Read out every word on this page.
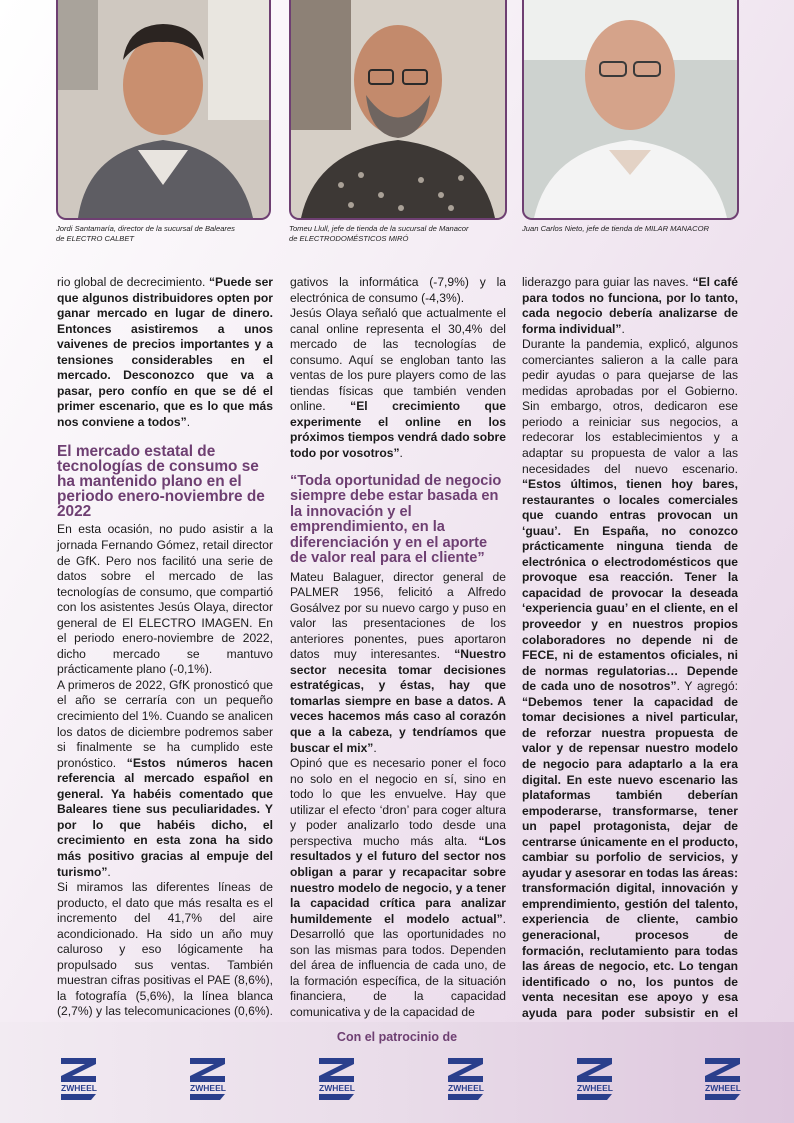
Jordi Santamaría, director de la sucursal de Baleares
de ELECTRO CALBET
Tomeu Llull, jefe de tienda de la sucursal de Manacor
de ELECTRODOMÉSTICOS MIRÓ
Juan Carlos Nieto, jefe de tienda de MILAR MANACOR

rio global de decrecimiento. “Puede ser que algunos distribuidores opten por ganar mercado en lugar de dinero. Entonces asistiremos a unos vaivenes de precios importantes y a tensiones considerables en el mercado. Desconozco que va a pasar, pero confío en que se dé el primer escenario, que es lo que más nos conviene a todos”.

El mercado estatal de tecnologías de consumo se ha mantenido plano en el periodo enero-noviembre de 2022

En esta ocasión, no pudo asistir a la jornada Fernando Gómez, retail director de GfK. Pero nos facilitó una serie de datos sobre el mercado de las tecnologías de consumo, que compartió con los asistentes Jesús Olaya, director general de El ELECTRO IMAGEN. En el periodo enero-noviembre de 2022, dicho mercado se mantuvo prácticamente plano (-0,1%).

A primeros de 2022, GfK pronosticó que el año se cerraría con un pequeño crecimiento del 1%. Cuando se analicen los datos de diciembre podremos saber si finalmente se ha cumplido este pronóstico. “Estos números hacen referencia al mercado español en general. Ya habéis comentado que Baleares tiene sus peculiaridades. Y por lo que habéis dicho, el crecimiento en esta zona ha sido más positivo gracias al empuje del turismo”.

Si miramos las diferentes líneas de producto, el dato que más resalta es el incremento del 41,7% del aire acondicionado. Ha sido un año muy caluroso y eso lógicamente ha propulsado sus ventas. También muestran cifras positivas el PAE (8,6%), la fotografía (5,6%), la línea blanca (2,7%) y las telecomunicaciones (0,6%).

gativos la informática (-7,9%) y la electrónica de consumo (-4,3%).

Jesús Olaya señaló que actualmente el canal online representa el 30,4% del mercado de las tecnologías de consumo. Aquí se engloban tanto las ventas de los pure players como de las tiendas físicas que también venden online. “El crecimiento que experimente el online en los próximos tiempos vendrá dado sobre todo por vosotros”.

“Toda oportunidad de negocio siempre debe estar basada en la innovación y el emprendimiento, en la diferenciación y en el aporte de valor real para el cliente”

Mateu Balaguer, director general de PALMER 1956, felicitó a Alfredo Gosálvez por su nuevo cargo y puso en valor las presentaciones de los anteriores ponentes, pues aportaron datos muy interesantes. “Nuestro sector necesita tomar decisiones estratégicas, y éstas, hay que tomarlas siempre en base a datos. A veces hacemos más caso al corazón que a la cabeza, y tendríamos que buscar el mix”.

Opinó que es necesario poner el foco no solo en el negocio en sí, sino en todo lo que les envuelve. Hay que utilizar el efecto ‘dron’ para coger altura y poder analizarlo todo desde una perspectiva mucho más alta. “Los resultados y el futuro del sector nos obligan a parar y recapacitar sobre nuestro modelo de negocio, y a tener la capacidad crítica para analizar humildemente el modelo actual”. Desarrolló que las oportunidades no son las mismas para todos. Dependen del área de influencia de cada uno, de la formación específica, de la situación financiera, de la capacidad comunicativa y de la capacidad de

liderazgo para guiar las naves. “El café para todos no funciona, por lo tanto, cada negocio debería analizarse de forma individual”.

Durante la pandemia, explicó, algunos comerciantes salieron a la calle para pedir ayudas o para quejarse de las medidas aprobadas por el Gobierno. Sin embargo, otros, dedicaron ese periodo a reiniciar sus negocios, a redecorar los establecimientos y a adaptar su propuesta de valor a las necesidades del nuevo escenario. “Estos últimos, tienen hoy bares, restaurantes o locales comerciales que cuando entras provocan un ‘guau’. En España, no conozco prácticamente ninguna tienda de electrónica o electrodomésticos que provoque esa reacción. Tener la capacidad de provocar la deseada ‘experiencia guau’ en el cliente, en el proveedor y en nuestros propios colaboradores no depende ni de FECE, ni de estamentos oficiales, ni de normas regulatorias… Depende de cada uno de nosotros”. Y agregó: “Debemos tener la capacidad de tomar decisiones a nivel particular, de reforzar nuestra propuesta de valor y de repensar nuestro modelo de negocio para adaptarlo a la era digital. En este nuevo escenario las plataformas también deberían empoderarse, transformarse, tener un papel protagonista, dejar de centrarse únicamente en el producto, cambiar su porfolio de servicios, y ayudar y asesorar en todas las áreas: transformación digital, innovación y emprendimiento, gestión del talento, experiencia de cliente, cambio generacional, procesos de formación, reclutamiento para todas las áreas de negocio, etc. Lo tengan identificado o no, los puntos de venta necesitan ese apoyo y esa ayuda para poder subsistir en el

Con el patrocinio de
ZWHEEL	ZWHEEL	ZWHEEL	ZWHEEL	ZWHEEL	ZWHEEL
